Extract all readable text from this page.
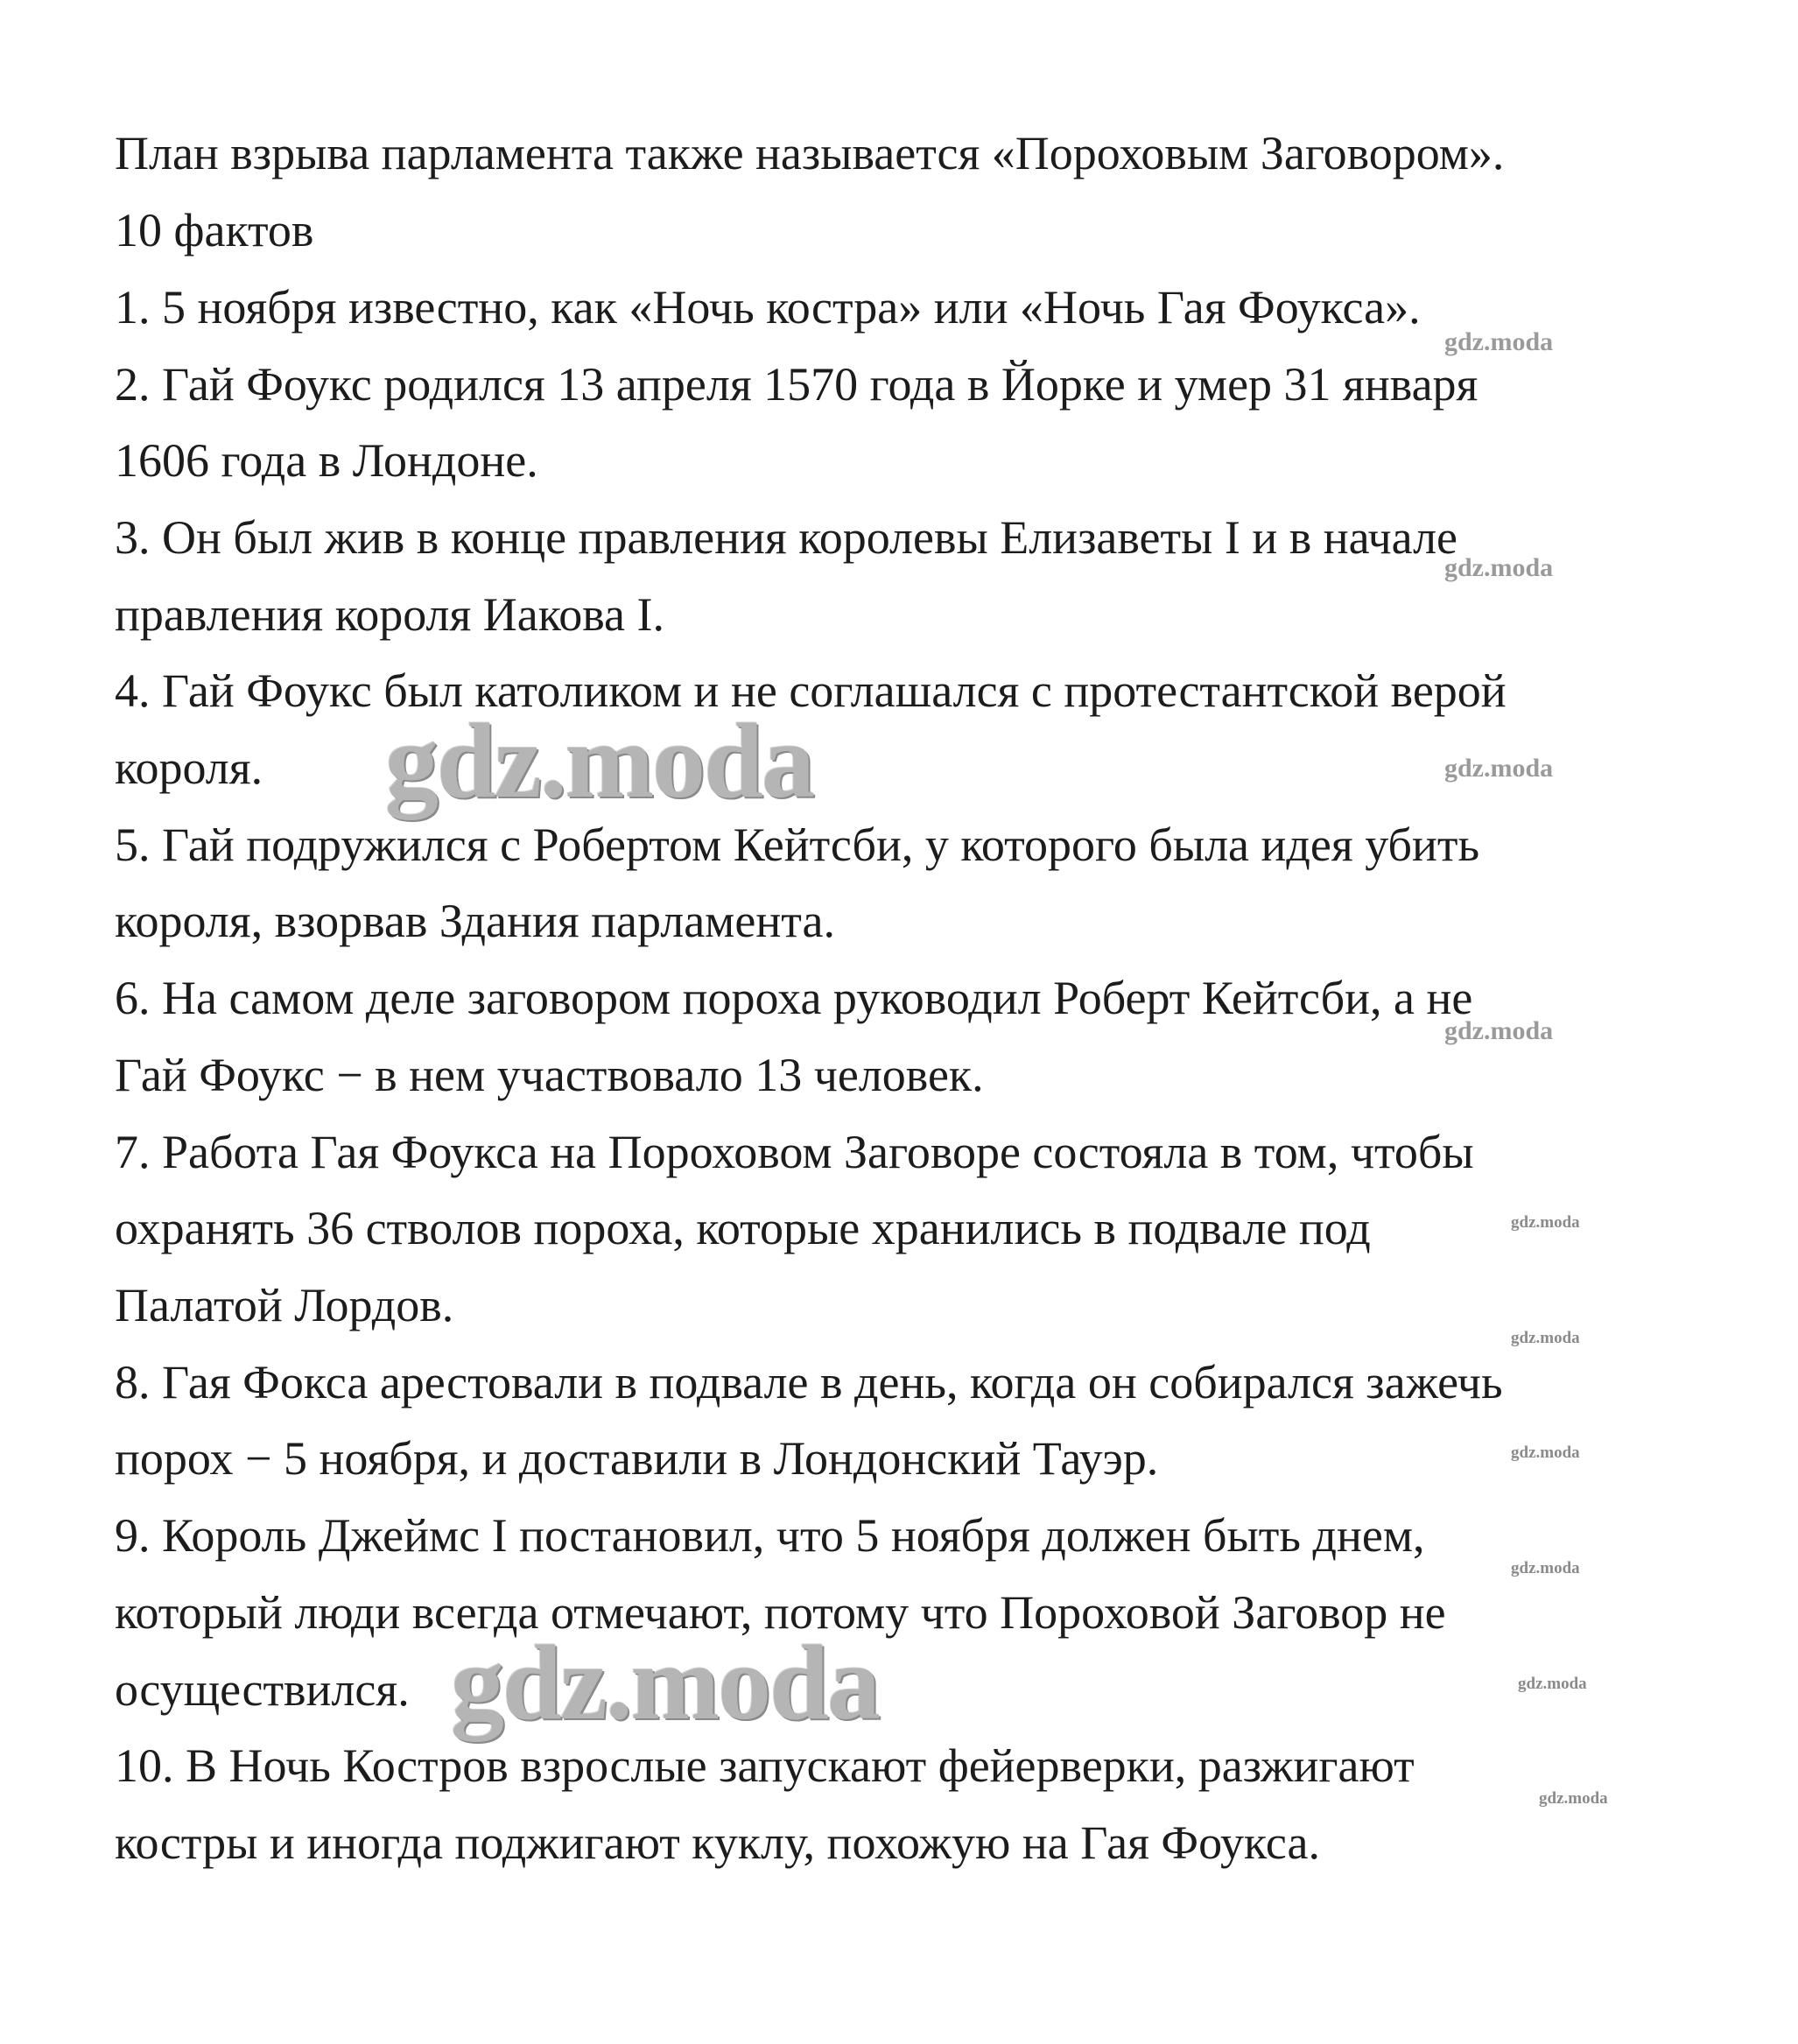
План взрыва парламента также называется «Пороховым Заговором».
10 фактов
1. 5 ноября известно, как «Ночь костра» или «Ночь Гая Фоукса».
2. Гай Фоукс родился 13 апреля 1570 года в Йорке и умер 31 января
1606 года в Лондоне.
3. Он был жив в конце правления королевы Елизаветы I и в начале
правления короля Иакова I.
4. Гай Фоукс был католиком и не соглашался с протестантской верой
короля.
5. Гай подружился с Робертом Кейтсби, у которого была идея убить
короля, взорвав Здания парламента.
6. На самом деле заговором пороха руководил Роберт Кейтсби, а не
Гай Фоукс − в нем участвовало 13 человек.
7. Работа Гая Фоукса на Пороховом Заговоре состояла в том, чтобы
охранять 36 стволов пороха, которые хранились в подвале под
Палатой Лордов.
8. Гая Фокса арестовали в подвале в день, когда он собирался зажечь
порох − 5 ноября, и доставили в Лондонский Тауэр.
9. Король Джеймс I постановил, что 5 ноября должен быть днем,
который люди всегда отмечают, потому что Пороховой Заговор не
осуществился.
10. В Ночь Костров взрослые запускают фейерверки, разжигают
костры и иногда поджигают куклу, похожую на Гая Фоукса.
gdz.moda
gdz.moda
gdz.moda
gdz.moda
gdz.moda
gdz.moda
gdz.moda
gdz.moda
gdz.moda
gdz.moda
gdz.moda
gdz.moda
